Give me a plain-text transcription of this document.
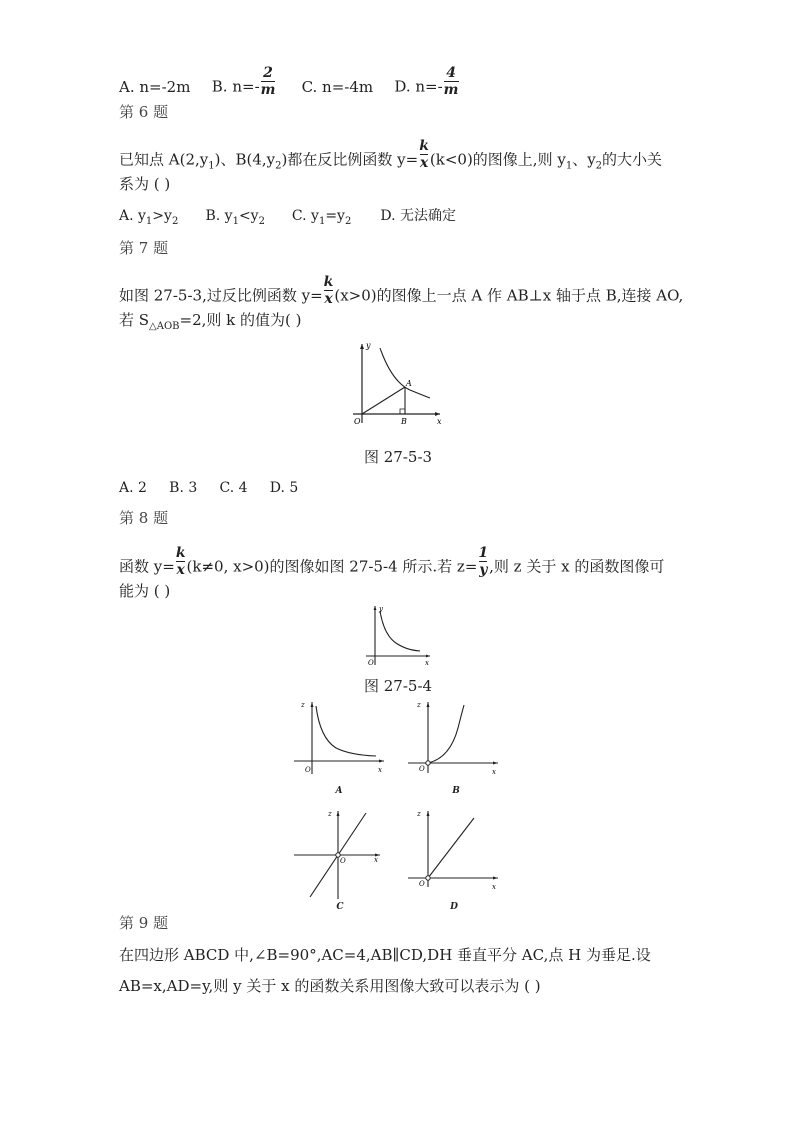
A. n=-2m B. $n=- \frac{2}{m} C$. n=-4m D. $n=- \frac{4}{m}$
第 6 题
已知点 $A(2,y_1)$、$B(4,y_2)$都在反比例函数 $y= \frac{k}{x} (k<0)$的图像上,则 $y_1$、$y_2$的大小关
系为 ( )
A. $y_1>y_2$ B. $y_1<y_2$ C. $y_1=y_2$ D. 无法确定
第 7 题
如图 27-5-3,过反比例函数 $y= \frac{k}{x} (x>0)$的图像上一点 A 作 AB⊥x 轴于点 B,连接 AO,
若 $S_{\triangle AOB}=2$,则 k 的值为( )
y
x
O
A
B
图 27-5-3
A. 2     B. 3     C. 4     D. 5
第 8 题
函数 $y= \frac{k}{x} (k\ne 0$, x>0)的图像如图 27-5-4 所示.若 $z= \frac{1}{y}$ ,则 z 关于 x 的函数图像可
能为 ( )
y
x
O
图 27-5-4
z
x
O
A
z
x
O
B
z
x
O
C
z
x
O
D
第 9 题
在四边形 ABCD 中,∠B=90°,AC=4,AB∥CD,DH 垂直平分 AC,点 H 为垂足.设
AB=x,AD=y,则 y 关于 x 的函数关系用图像大致可以表示为 ( )
